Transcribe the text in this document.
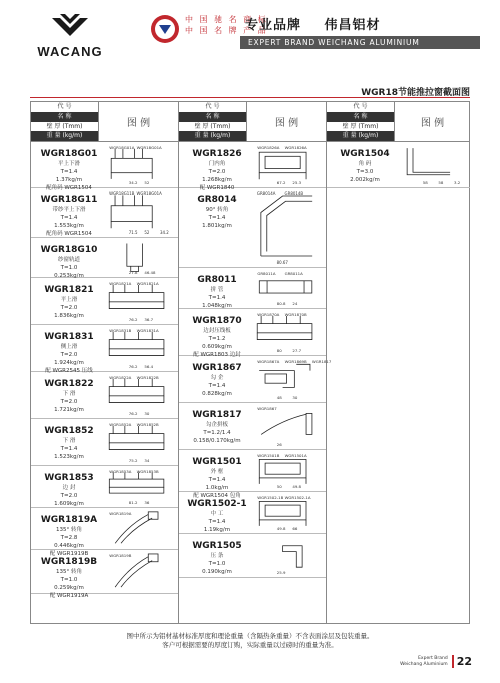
WACANG
中 国 驰 名 商 标
中 国 名 牌 产 品
专业品牌 伟昌铝材
EXPERT BRAND WEICHANG ALUMINIUM
WGR18节能推拉窗截面图
代 号
名 称
壁 厚 (Tmm)
重 量 (kg/m)
图 例
WGR18G01
平上下滑
T=1.4
1.37kg/m
配角码 WGR1504
WGR18G01A WGR18G01A
34.2 52
WGR18G11
带纱平上下滑
T=1.4
1.553kg/m
配角码 WGR1504
WGR18G11B WGR18G01A
71.5 52	34.2
WGR18G10
纱窗轨道
T=1.0
0.253kg/m
27.8 46.48
WGR1821
平上滑
T=2.0
1.836kg/m
WGR1821A WGR1821A
76.2 36.7
WGR1831
侧上滑
T=2.0
1.924kg/m
配 WGR2545 压线
WGR1831B WGR1831A
76.2 56.4
WGR1822
下 滑
T=2.0
1.721kg/m
WGR1822A WGR1822B
76.2 30
WGR1852
下 滑
T=1.4
1.523kg/m
WGR1852A WGR1852B
75.2 34
WGR1853
边 封
T=2.0
1.609kg/m
WGR1853A WGR1853B
81.2 36
WGR1819A
135° 转角
T=2.8
0.446kg/m
配 WGR1919B
WGR1819A
WGR1819B
135° 转角
T=1.0
0.259kg/m
配 WGR1919A
WGR1819B
代 号
名 称
壁 厚 (Tmm)
重 量 (kg/m)
图 例
WGR1826
门内角
T=2.0
1.268kg/m
配 WGR1840
WGR1826A WGR1826A
67.2 25.3
GR8014
90° 转角
T=1.4
1.801kg/m
GR8014A GR8014B
80.67
GR8011
拼 管
T=1.4
1.048kg/m
GR8011A GR8011A
80.8 24
WGR1870
边封压线板
T=1.2
0.609kg/m
配 WGR1803 边封
WGR1870A WGR1870B
80	27.7
WGR1867
勾 企
T=1.4
0.828kg/m
WGR1867A WGR1869B WGR1817
48	30
WGR1817
勾企拼板
T=1.2/1.4
0.158/0.170kg/m
WGR1867
26
WGR1501
外 框
T=1.4
1.0kg/m
配 WGR1504 包角
WGR1501B WGR1501A
50	49.8
WGR1502-1
中 工
T=1.4
1.19kg/m
WGR1502-1B WGR1502-1A
49.8 66
WGR1505
压 条
T=1.0
0.190kg/m	25.9
代 号
名 称
壁 厚 (Tmm)
重 量 (kg/m)
图 例
WGR1504
角 码
T=3.0
2.002kg/m	58	58	3.2
图中所示为铝材基材标准厚度和理论重量（含隔热条重量）不含表面涂层及包装重量。
客户可根据需要的厚度订购，实际重量以过磅时的重量为准。
Expert Brand
Weichang Aluminium 22
